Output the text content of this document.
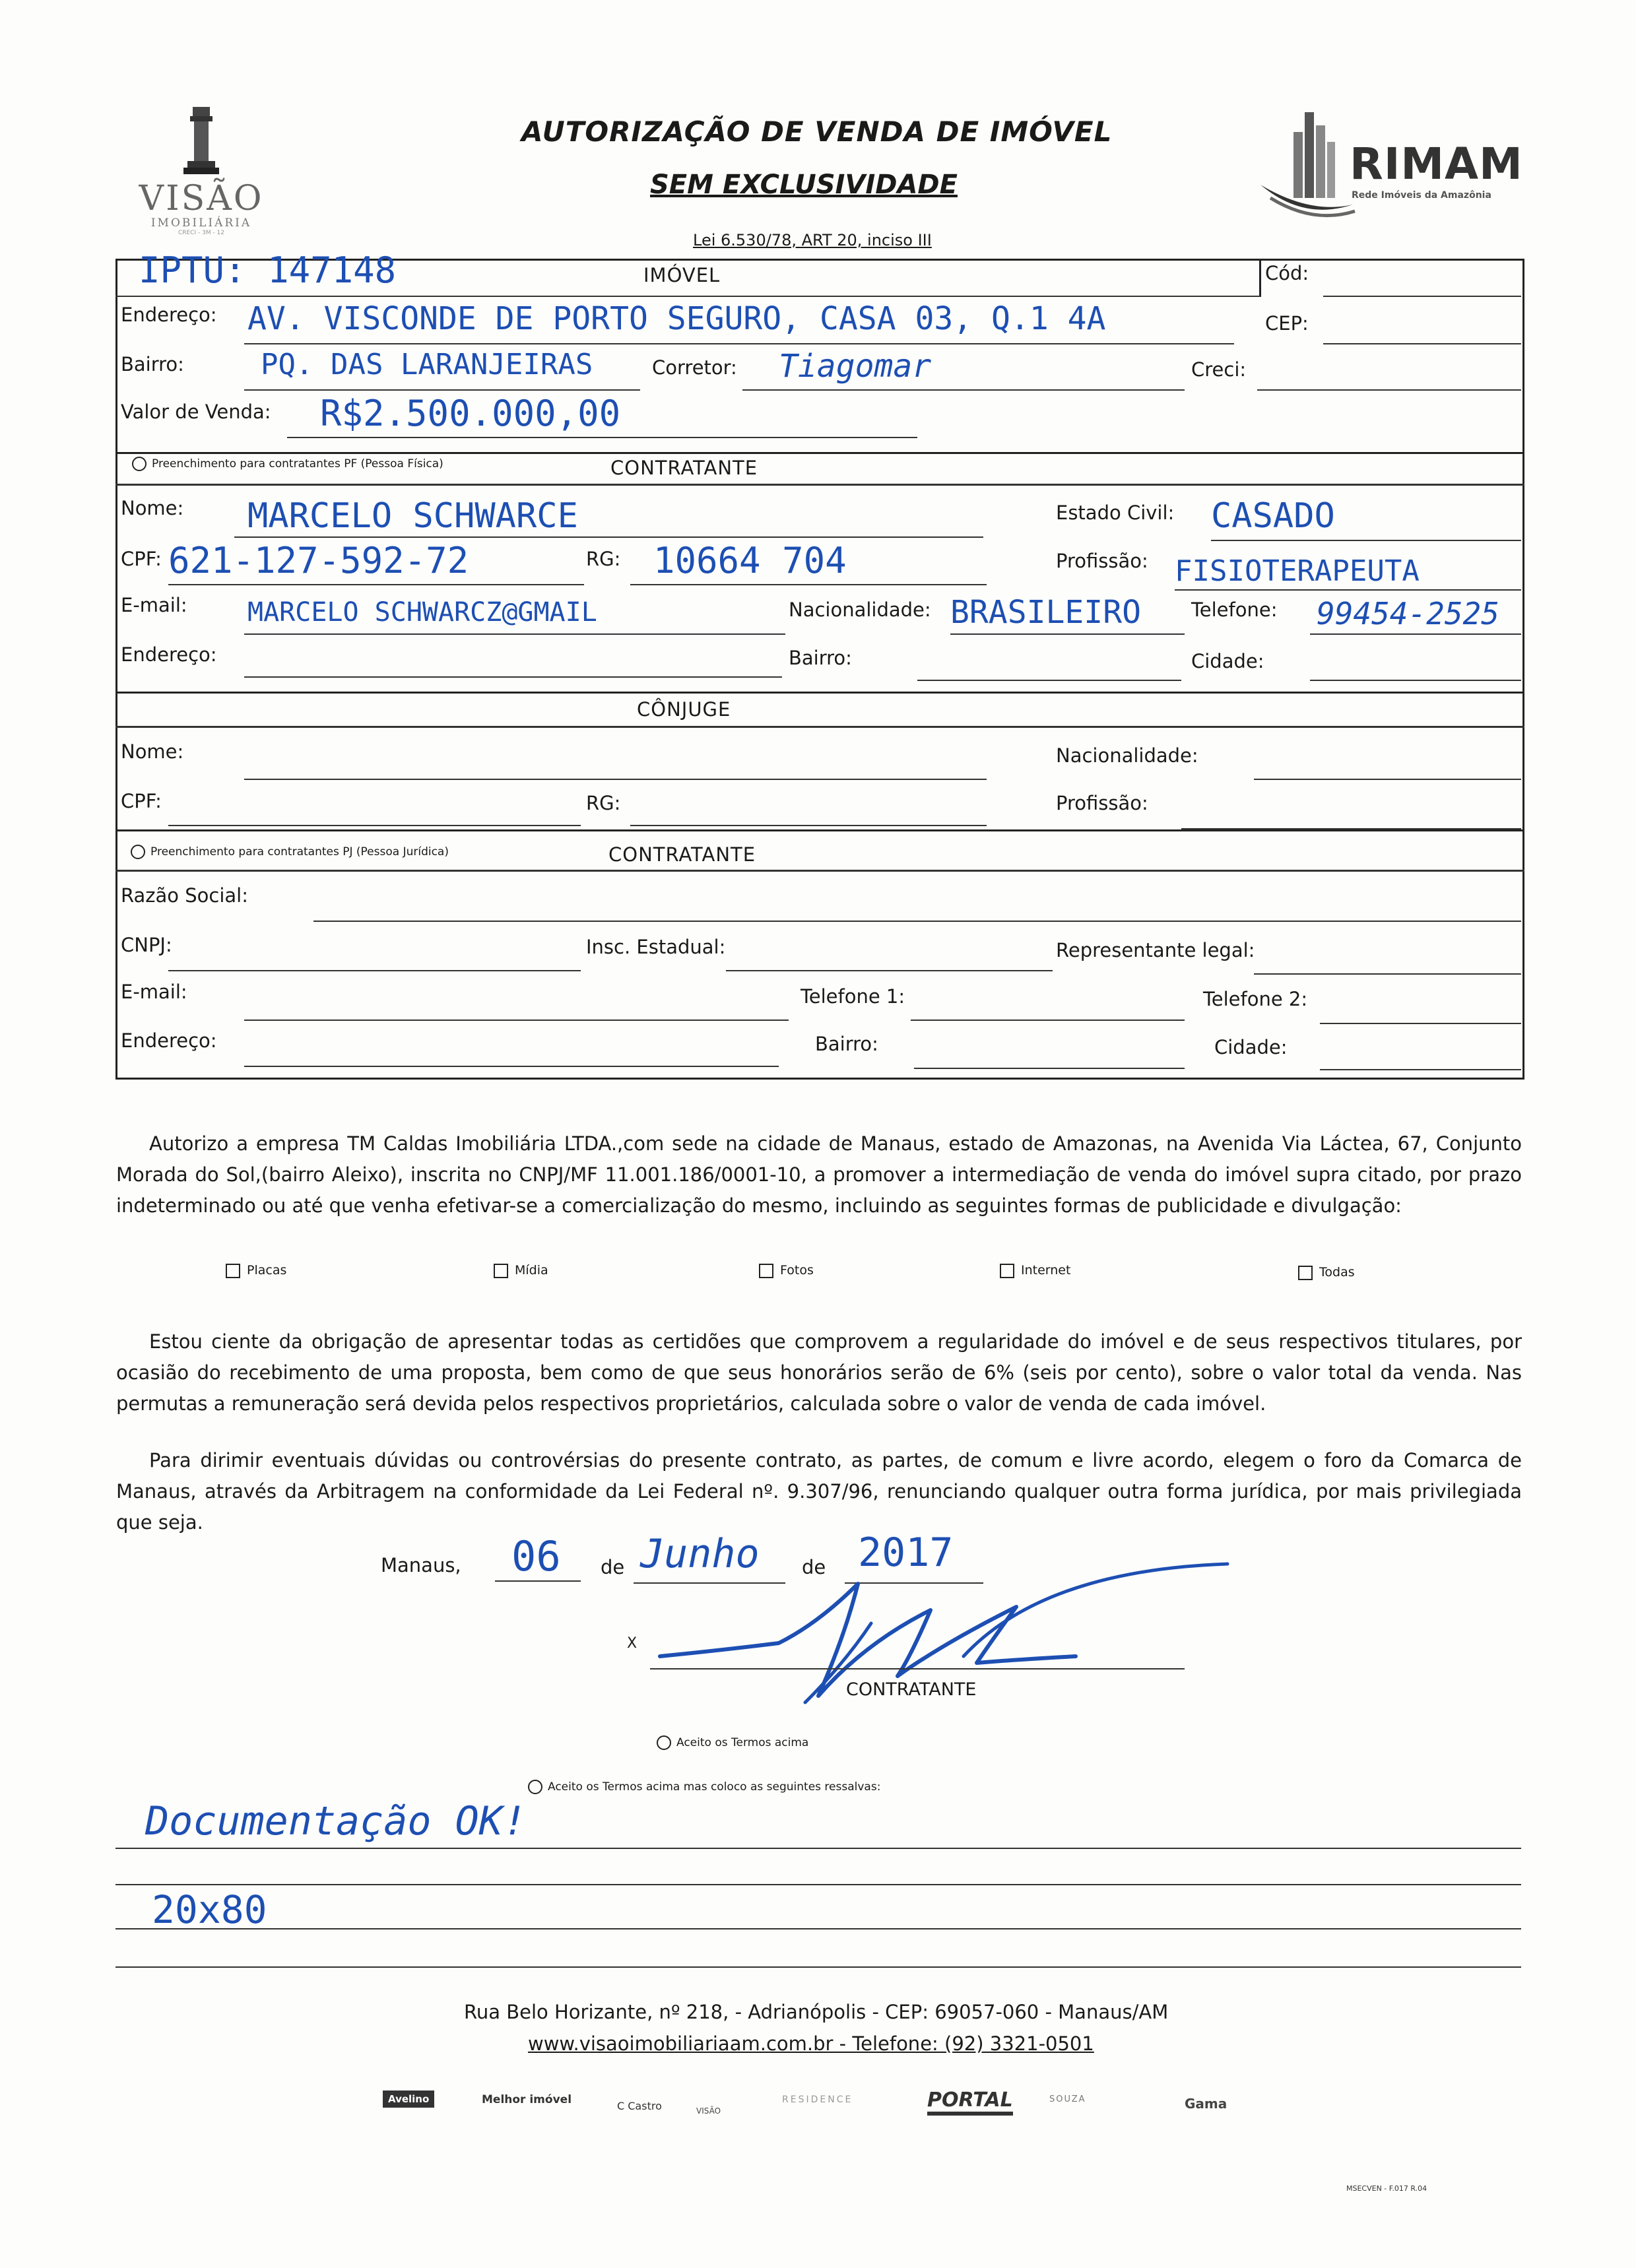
VISÃO
IMOBILIÁRIA
CRECI - 3M - 12
AUTORIZAÇÃO DE VENDA DE IMÓVEL
SEM EXCLUSIVIDADE
Lei 6.530/78, ART 20, inciso III
RIMAM
Rede Imóveis da Amazônia
IPTU: 147148	IMÓVEL	Cód:
Endereço: AV. VISCONDE DE PORTO SEGURO, CASA 03, Q.1 4A	CEP:
Bairro:	PQ. DAS LARANJEIRAS	Corretor: Tiagomar	Creci:
Valor de Venda: R$2.500.000,00
Preenchimento para contratantes PF (Pessoa Física)	CONTRATANTE
Nome: MARCELO SCHWARCE	Estado Civil: CASADO
CPF: 621-127-592-72	RG: 10664 704	Profissão: FISIOTERAPEUTA
E-mail: MARCELO SCHWARCZ@GMAIL	Nacionalidade: BRASILEIRO	Telefone: 99454-2525
Endereço:	Bairro:	Cidade:
CÔNJUGE
Nome:	Nacionalidade:
CPF:	RG:	Profissão:
Preenchimento para contratantes PJ (Pessoa Jurídica)	CONTRATANTE
Razão Social:
CNPJ:	Insc. Estadual:	Representante legal:
E-mail:	Telefone 1:	Telefone 2:
Endereço:	Bairro:	Cidade:
Autorizo a empresa TM Caldas Imobiliária LTDA.,com sede na cidade de Manaus, estado de Amazonas, na Avenida Via Láctea, 67, Conjunto Morada do Sol,(bairro Aleixo), inscrita no CNPJ/MF 11.001.186/0001-10, a promover a intermediação de venda do imóvel supra citado, por prazo indeterminado ou até que venha efetivar-se a comercialização do mesmo, incluindo as seguintes formas de publicidade e divulgação:
Placas	Mídia	Fotos	Internet	Todas
Estou ciente da obrigação de apresentar todas as certidões que comprovem a regularidade do imóvel e de seus respectivos titulares, por ocasião do recebimento de uma proposta, bem como de que seus honorários serão de 6% (seis por cento), sobre o valor total da venda. Nas permutas a remuneração será devida pelos respectivos proprietários, calculada sobre o valor de venda de cada imóvel.
Para dirimir eventuais dúvidas ou controvérsias do presente contrato, as partes, de comum e livre acordo, elegem o foro da Comarca de Manaus, através da Arbitragem na conformidade da Lei Federal nº. 9.307/96, renunciando qualquer outra forma jurídica, por mais privilegiada que seja.
Manaus, 06 de Junho de 2017
X
CONTRATANTE
Aceito os Termos acima
Aceito os Termos acima mas coloco as seguintes ressalvas:
Documentação OK!
20x80
Rua Belo Horizante, nº 218, - Adrianópolis - CEP: 69057-060 - Manaus/AM
www.visaoimobiliariaam.com.br - Telefone: (92) 3321-0501
Avelino	Melhor imóvel	C Castro	VISÃO
RESIDENCE	PORTAL	SOUZA	Gama
MSECVEN - F.017 R.04
